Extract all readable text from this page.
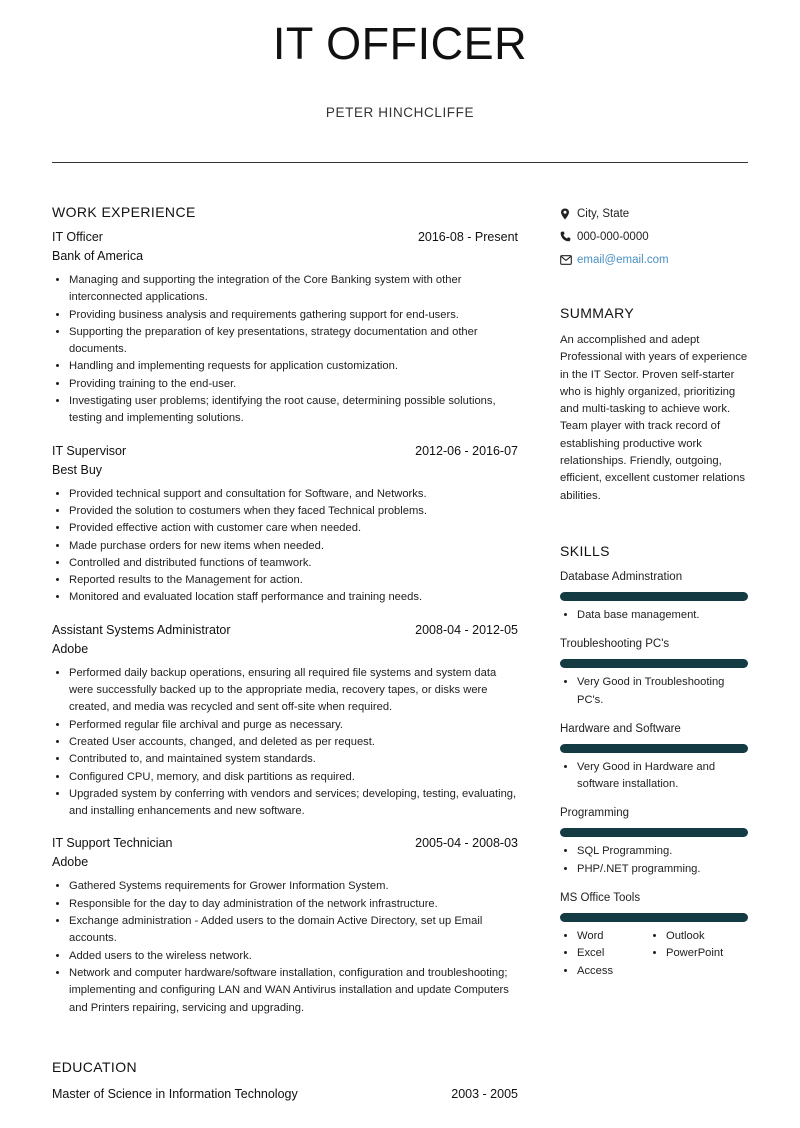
IT OFFICER
PETER HINCHCLIFFE
WORK EXPERIENCE
IT Officer	2016-08 - Present
Bank of America
• Managing and supporting the integration of the Core Banking system with other interconnected applications.
• Providing business analysis and requirements gathering support for end-users.
• Supporting the preparation of key presentations, strategy documentation and other documents.
• Handling and implementing requests for application customization.
• Providing training to the end-user.
• Investigating user problems; identifying the root cause, determining possible solutions, testing and implementing solutions.
IT Supervisor	2012-06 - 2016-07
Best Buy
• Provided technical support and consultation for Software, and Networks.
• Provided the solution to costumers when they faced Technical problems.
• Provided effective action with customer care when needed.
• Made purchase orders for new items when needed.
• Controlled and distributed functions of teamwork.
• Reported results to the Management for action.
• Monitored and evaluated location staff performance and training needs.
Assistant Systems Administrator	2008-04 - 2012-05
Adobe
• Performed daily backup operations, ensuring all required file systems and system data were successfully backed up to the appropriate media, recovery tapes, or disks were created, and media was recycled and sent off-site when required.
• Performed regular file archival and purge as necessary.
• Created User accounts, changed, and deleted as per request.
• Contributed to, and maintained system standards.
• Configured CPU, memory, and disk partitions as required.
• Upgraded system by conferring with vendors and services; developing, testing, evaluating, and installing enhancements and new software.
IT Support Technician	2005-04 - 2008-03
Adobe
• Gathered Systems requirements for Grower Information System.
• Responsible for the day to day administration of the network infrastructure.
• Exchange administration - Added users to the domain Active Directory, set up Email accounts.
• Added users to the wireless network.
• Network and computer hardware/software installation, configuration and troubleshooting; implementing and configuring LAN and WAN Antivirus installation and update Computers and Printers repairing, servicing and upgrading.
EDUCATION
Master of Science in Information Technology	2003 - 2005
City, State
000-000-0000
email@email.com
SUMMARY

An accomplished and adept Professional with years of experience in the IT Sector. Proven self-starter who is highly organized, prioritizing and multi-tasking to achieve work. Team player with track record of establishing productive work relationships. Friendly, outgoing, efficient, excellent customer relations abilities.

SKILLS
Database Adminstration
• Data base management.
Troubleshooting PC's
• Very Good in Troubleshooting PC's.
Hardware and Software
• Very Good in Hardware and software installation.
Programming
• SQL Programming.
• PHP/.NET programming.
MS Office Tools
• Word
• Excel
• Access
• Outlook
• PowerPoint
